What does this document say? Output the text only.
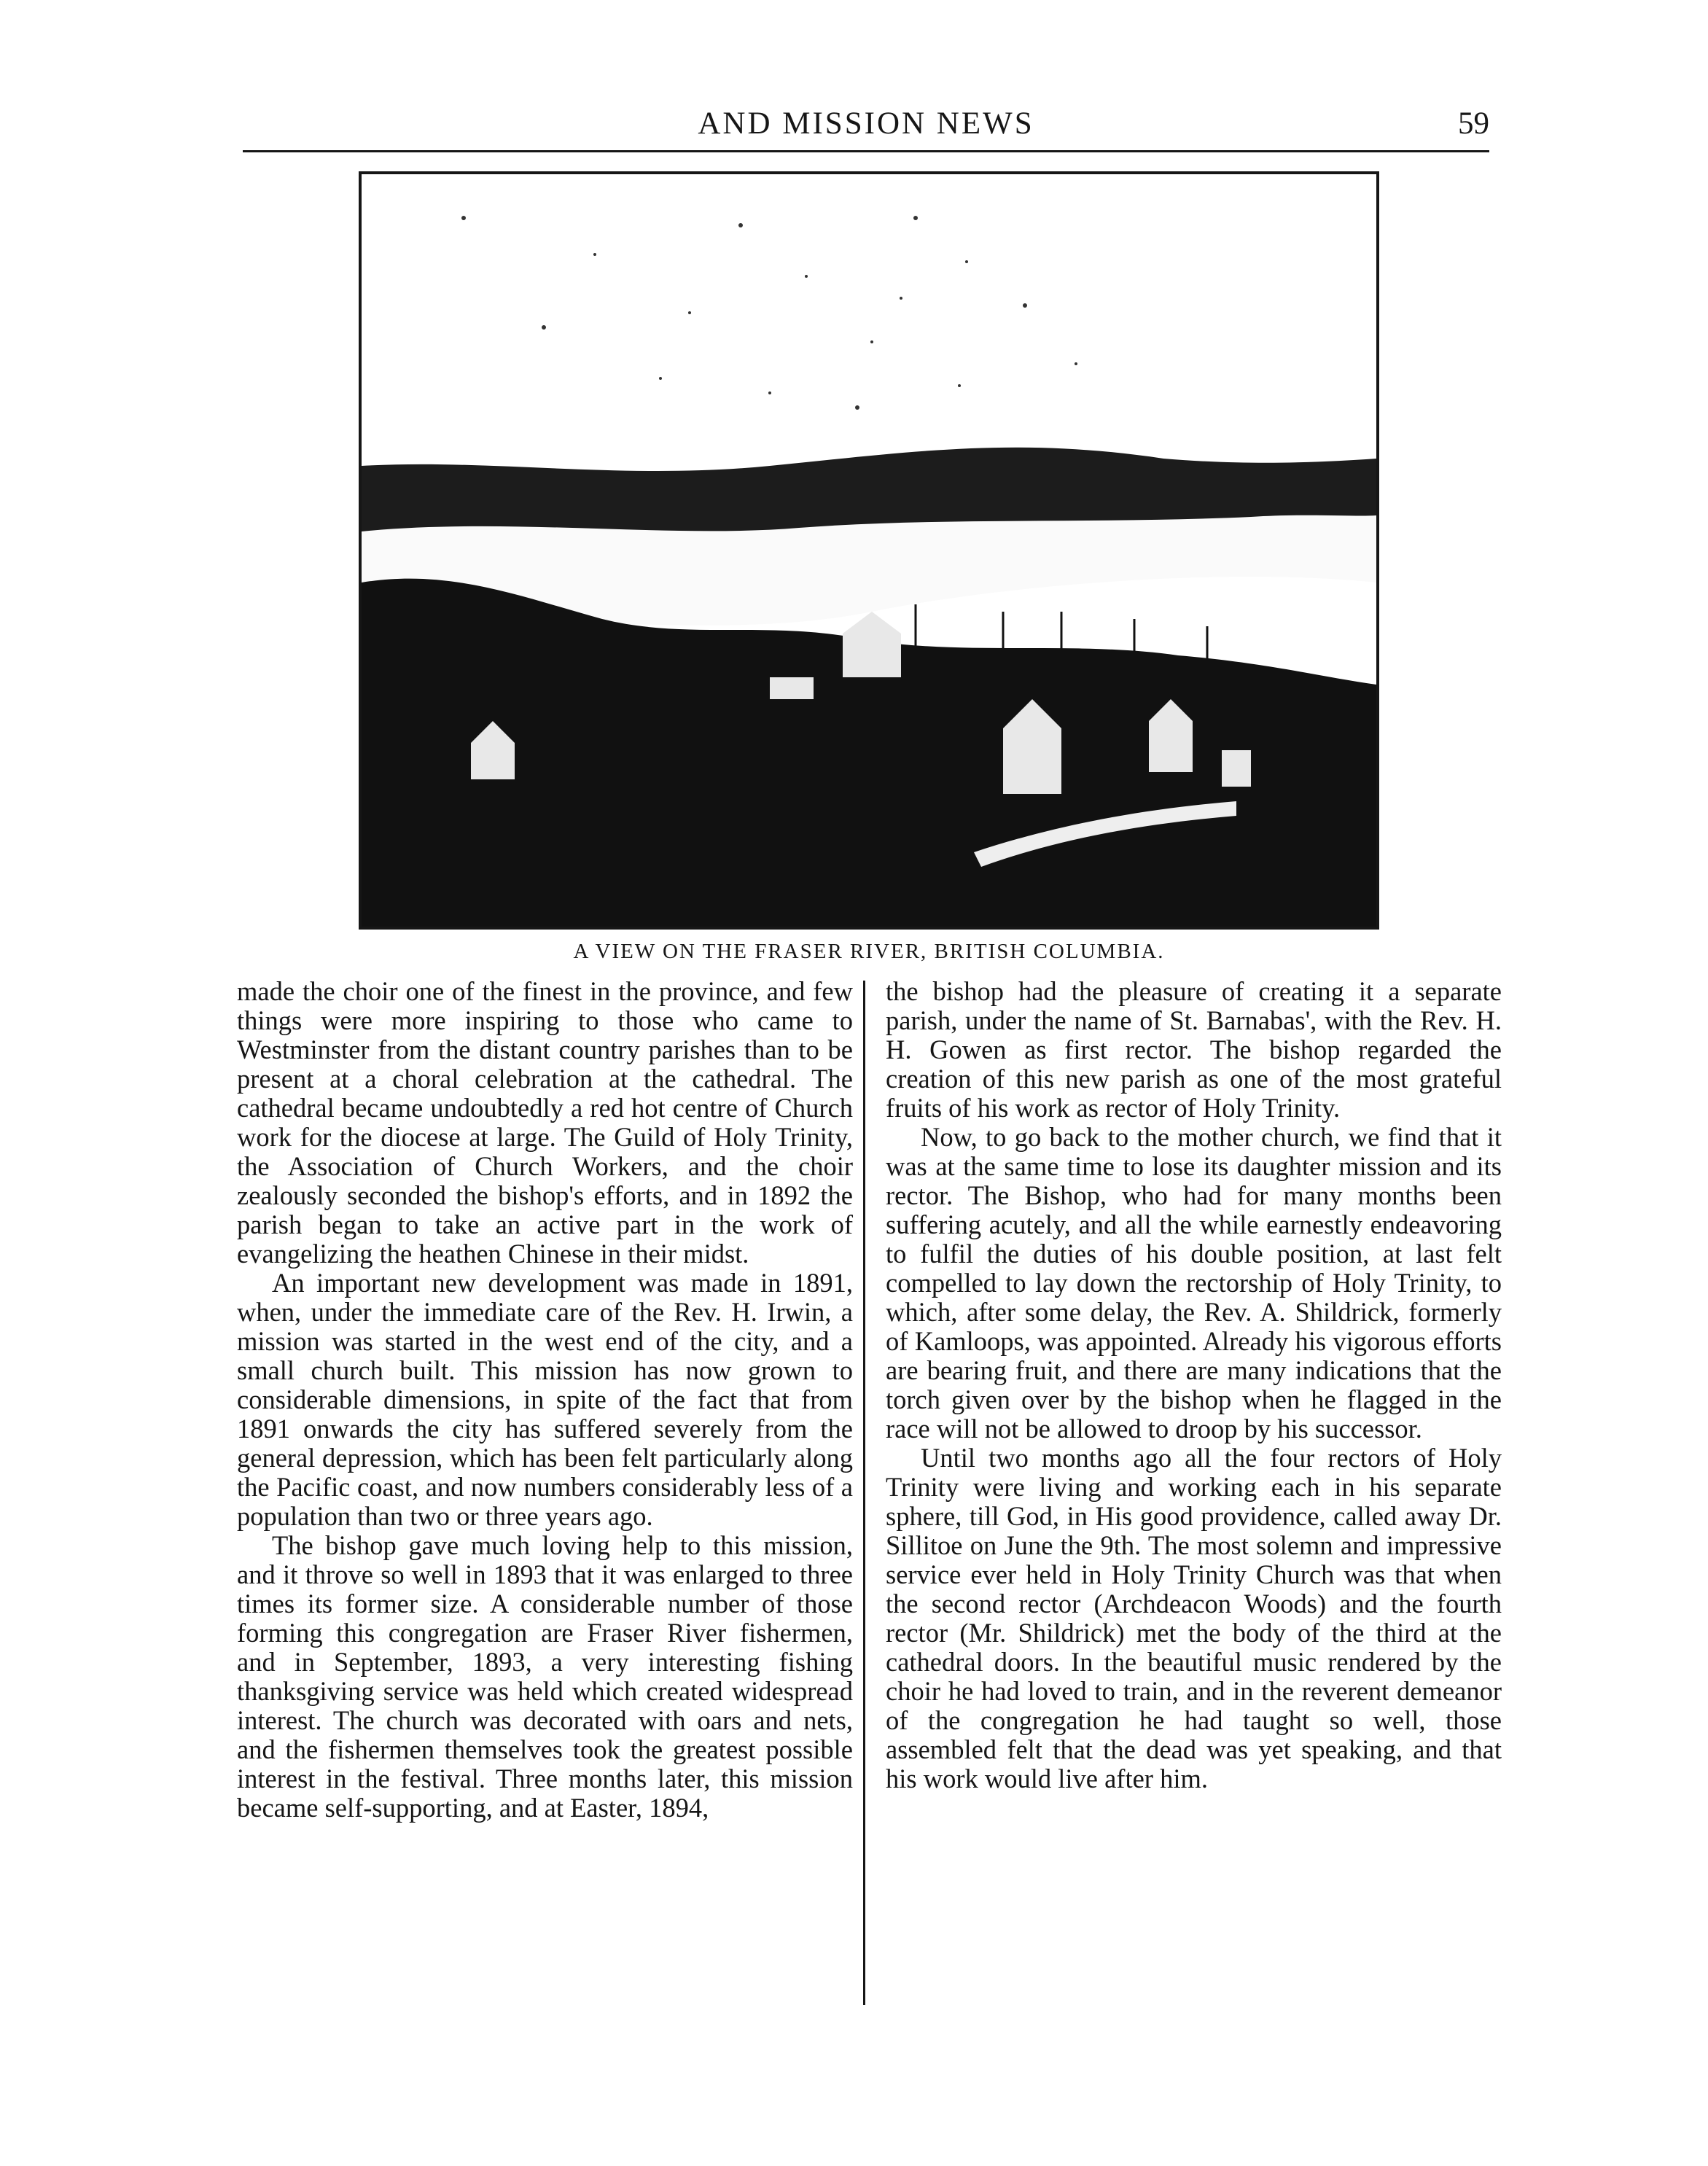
AND MISSION NEWS	59
A VIEW ON THE FRASER RIVER, BRITISH COLUMBIA.

made the choir one of the finest in the province, and few things were more inspiring to those who came to Westminster from the distant country parishes than to be present at a choral celebration at the cathedral. The cathedral became undoubtedly a red hot centre of Church work for the diocese at large. The Guild of Holy Trinity, the Association of Church Workers, and the choir zealously seconded the bishop's efforts, and in 1892 the parish began to take an active part in the work of evangelizing the heathen Chinese in their midst.

An important new development was made in 1891, when, under the immediate care of the Rev. H. Irwin, a mission was started in the west end of the city, and a small church built. This mission has now grown to considerable dimensions, in spite of the fact that from 1891 onwards the city has suffered severely from the general depression, which has been felt particularly along the Pacific coast, and now numbers considerably less of a population than two or three years ago.

The bishop gave much loving help to this mission, and it throve so well in 1893 that it was enlarged to three times its former size. A considerable number of those forming this congregation are Fraser River fishermen, and in September, 1893, a very interesting fishing thanksgiving service was held which created widespread interest. The church was decorated with oars and nets, and the fishermen themselves took the greatest possible interest in the festival. Three months later, this mission became self-supporting, and at Easter, 1894,

the bishop had the pleasure of creating it a separate parish, under the name of St. Barnabas', with the Rev. H. H. Gowen as first rector. The bishop regarded the creation of this new parish as one of the most grateful fruits of his work as rector of Holy Trinity.

Now, to go back to the mother church, we find that it was at the same time to lose its daughter mission and its rector. The Bishop, who had for many months been suffering acutely, and all the while earnestly endeavoring to fulfil the duties of his double position, at last felt compelled to lay down the rectorship of Holy Trinity, to which, after some delay, the Rev. A. Shildrick, formerly of Kamloops, was appointed. Already his vigorous efforts are bearing fruit, and there are many indications that the torch given over by the bishop when he flagged in the race will not be allowed to droop by his successor.

Until two months ago all the four rectors of Holy Trinity were living and working each in his separate sphere, till God, in His good providence, called away Dr. Sillitoe on June the 9th. The most solemn and impressive service ever held in Holy Trinity Church was that when the second rector (Archdeacon Woods) and the fourth rector (Mr. Shildrick) met the body of the third at the cathedral doors. In the beautiful music rendered by the choir he had loved to train, and in the reverent demeanor of the congregation he had taught so well, those assembled felt that the dead was yet speaking, and that his work would live after him.
